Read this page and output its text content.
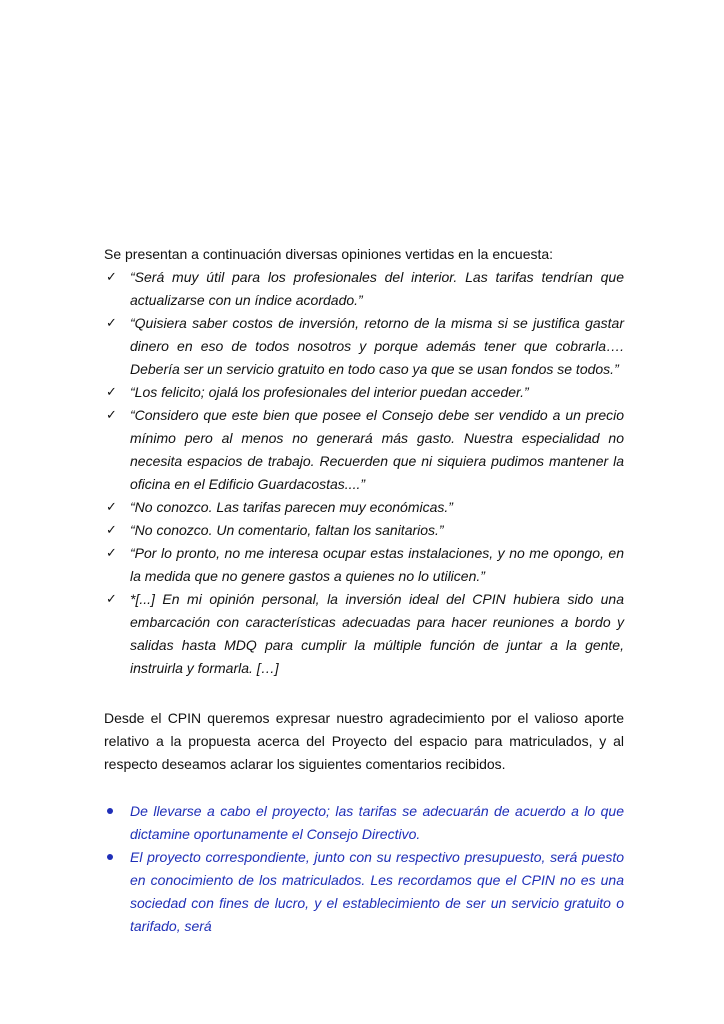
Se presentan a continuación diversas opiniones vertidas en la encuesta:

✓ “Será muy útil para los profesionales del interior. Las tarifas tendrían que actualizarse con un índice acordado.”
✓ “Quisiera saber costos de inversión, retorno de la misma si se justifica gastar dinero en eso de todos nosotros y porque además tener que cobrarla…. Debería ser un servicio gratuito en todo caso ya que se usan fondos se todos.”
✓ “Los felicito; ojalá los profesionales del interior puedan acceder.”
✓ “Considero que este bien que posee el Consejo debe ser vendido a un precio mínimo pero al menos no generará más gasto. Nuestra especialidad no necesita espacios de trabajo. Recuerden que ni siquiera pudimos mantener la oficina en el Edificio Guardacostas....”
✓ “No conozco. Las tarifas parecen muy económicas.”
✓ “No conozco. Un comentario, faltan los sanitarios.”
✓ “Por lo pronto, no me interesa ocupar estas instalaciones, y no me opongo, en la medida que no genere gastos a quienes no lo utilicen.”
✓ *[...] En mi opinión personal, la inversión ideal del CPIN hubiera sido una embarcación con características adecuadas para hacer reuniones a bordo y salidas hasta MDQ para cumplir la múltiple función de juntar a la gente, instruirla y formarla. […]

Desde el CPIN queremos expresar nuestro agradecimiento por el valioso aporte relativo a la propuesta acerca del Proyecto del espacio para matriculados, y al respecto deseamos aclarar los siguientes comentarios recibidos.

De llevarse a cabo el proyecto; las tarifas se adecuarán de acuerdo a lo que dictamine oportunamente el Consejo Directivo.
El proyecto correspondiente, junto con su respectivo presupuesto, será puesto en conocimiento de los matriculados. Les recordamos que el CPIN no es una sociedad con fines de lucro, y el establecimiento de ser un servicio gratuito o tarifado, será
